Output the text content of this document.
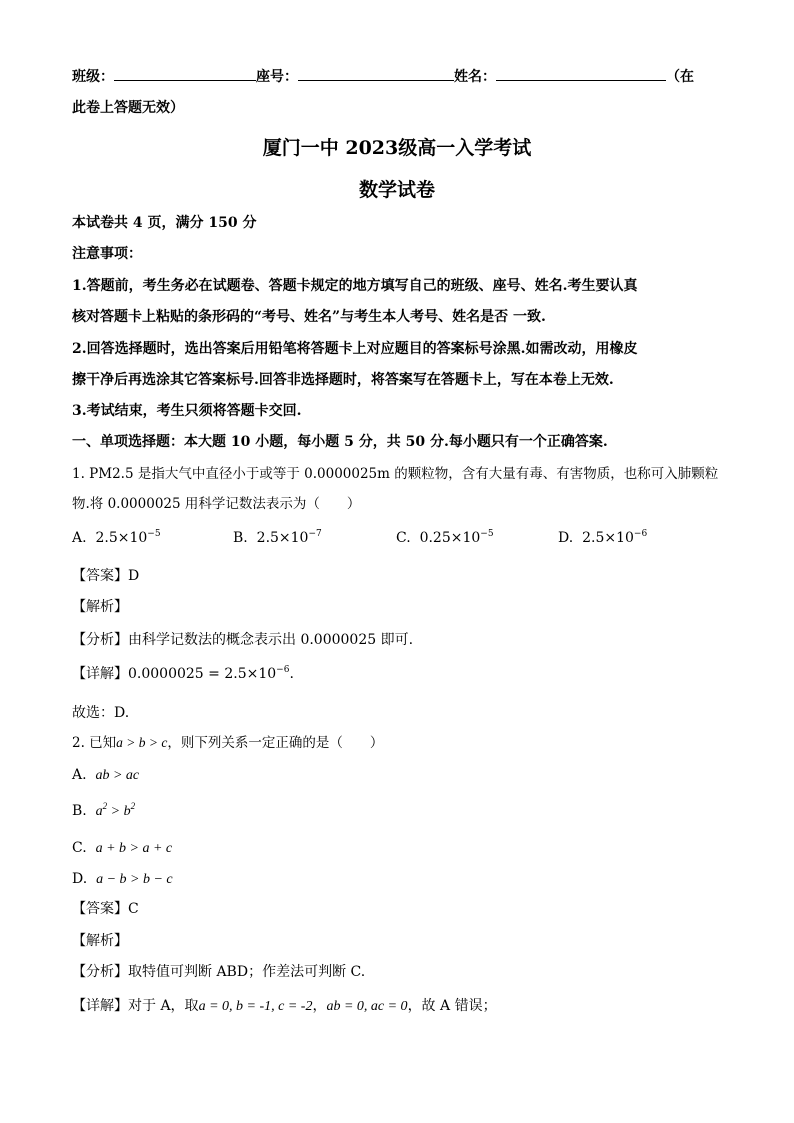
班级：	座号：	姓名：	（在
此卷上答题无效）
厦门一中 2023级高一入学考试
数学试卷
本试卷共 4 页，满分 150 分
注意事项：
1.答题前，考生务必在试题卷、答题卡规定的地方填写自己的班级、座号、姓名.考生要认真
核对答题卡上粘贴的条形码的“考号、姓名”与考生本人考号、姓名是否 一致.
2.回答选择题时，选出答案后用铅笔将答题卡上对应题目的答案标号涂黑.如需改动，用橡皮
擦干净后再选涂其它答案标号.回答非选择题时，将答案写在答题卡上，写在本卷上无效.
3.考试结束，考生只须将答题卡交回.
一、单项选择题：本大题 10 小题，每小题 5 分，共 50 分.每小题只有一个正确答案.
1. PM2.5 是指大气中直径小于或等于 0.0000025m 的颗粒物，含有大量有毒、有害物质，也称可入肺颗粒
物.将 0.0000025 用科学记数法表示为（　　）
A. $2.5\times 10^{-5}$	B. $2.5\times 10^{-7}$	C. $0.25\times 10^{-5}$	D. $2.5\times 10^{-6}$
【答案】D
【解析】
【分析】由科学记数法的概念表示出 0.0000025 即可.
【详解】$0.0000025 = 2.5\times 10^{-6}$.
故选：D.
2. 已知a > b > c，则下列关系一定正确的是（　　）
A. ab > ac
B. $a^2 > b^2$
C. a + b > a + c
D. a − b > b − c
【答案】C
【解析】
【分析】取特值可判断 ABD；作差法可判断 C.
【详解】对于 A，取a = 0, b = -1, c = -2，ab = 0, ac = 0，故 A 错误；
